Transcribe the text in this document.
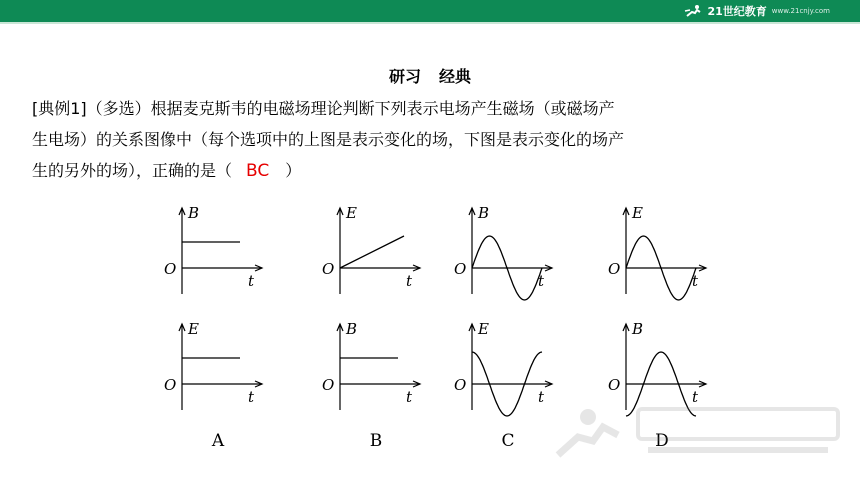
21世纪教育 www.21cnjy.com
研习 经典
[典例1]（多选）根据麦克斯韦的电磁场理论判断下列表示电场产生磁场（或磁场产
生电场）的关系图像中（每个选项中的上图是表示变化的场，下图是表示变化的场产
生的另外的场），正确的是（ BC ）
B
O
t
E
O
t
A
E
O
t
B
O
t
B
B
O
t
E
O
t
C
E
O
t
B
O
t
D
